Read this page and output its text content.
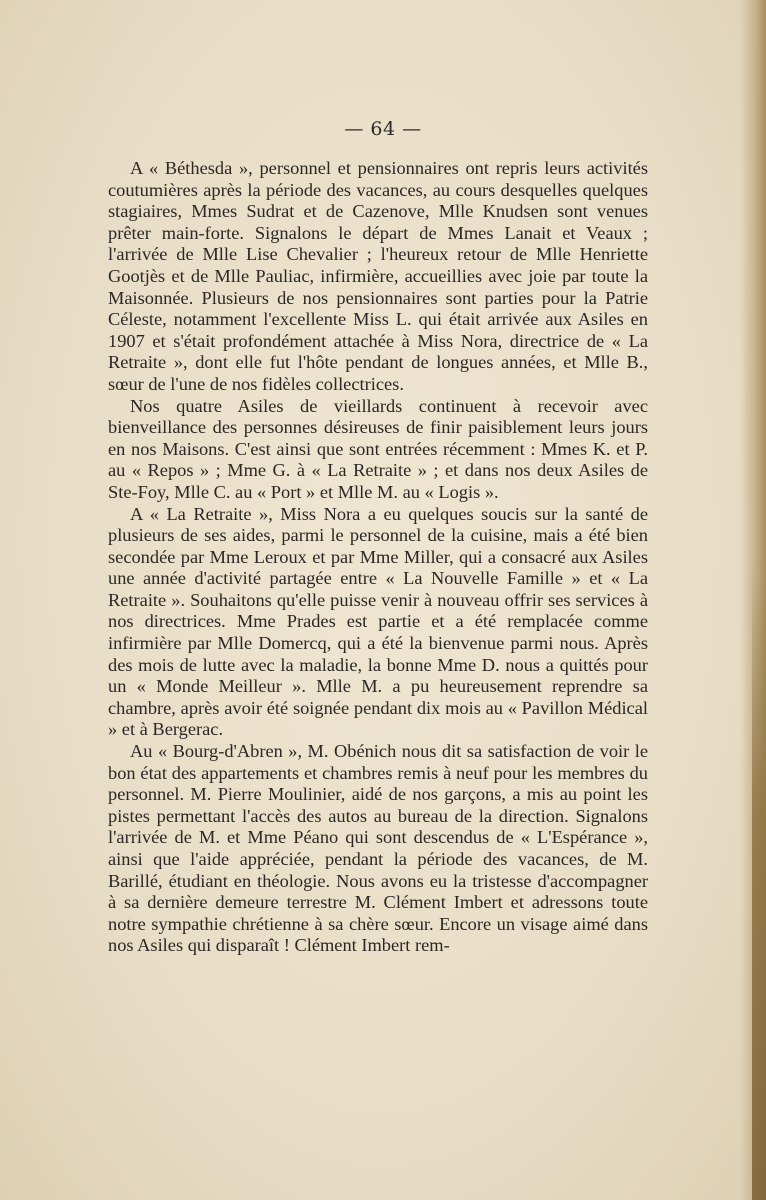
— 64 —

A « Béthesda », personnel et pensionnaires ont repris leurs activités coutumières après la période des vacances, au cours desquelles quelques stagiaires, Mmes Sudrat et de Cazenove, Mlle Knudsen sont venues prêter main-forte. Signalons le départ de Mmes Lanait et Veaux ; l'arrivée de Mlle Lise Chevalier ; l'heureux retour de Mlle Henriette Gootjès et de Mlle Pauliac, infirmière, accueillies avec joie par toute la Maisonnée. Plusieurs de nos pensionnaires sont parties pour la Patrie Céleste, notamment l'excellente Miss L. qui était arrivée aux Asiles en 1907 et s'était profondément attachée à Miss Nora, directrice de « La Retraite », dont elle fut l'hôte pendant de longues années, et Mlle B., sœur de l'une de nos fidèles collectrices.

Nos quatre Asiles de vieillards continuent à recevoir avec bienveillance des personnes désireuses de finir paisiblement leurs jours en nos Maisons. C'est ainsi que sont entrées récemment : Mmes K. et P. au « Repos » ; Mme G. à « La Retraite » ; et dans nos deux Asiles de Ste-Foy, Mlle C. au « Port » et Mlle M. au « Logis ».

A « La Retraite », Miss Nora a eu quelques soucis sur la santé de plusieurs de ses aides, parmi le personnel de la cuisine, mais a été bien secondée par Mme Leroux et par Mme Miller, qui a consacré aux Asiles une année d'activité partagée entre « La Nouvelle Famille » et « La Retraite ». Souhaitons qu'elle puisse venir à nouveau offrir ses services à nos directrices. Mme Prades est partie et a été remplacée comme infirmière par Mlle Domercq, qui a été la bienvenue parmi nous. Après des mois de lutte avec la maladie, la bonne Mme D. nous a quittés pour un « Monde Meilleur ». Mlle M. a pu heureusement reprendre sa chambre, après avoir été soignée pendant dix mois au « Pavillon Médical » et à Bergerac.

Au « Bourg-d'Abren », M. Obénich nous dit sa satisfaction de voir le bon état des appartements et chambres remis à neuf pour les membres du personnel. M. Pierre Moulinier, aidé de nos garçons, a mis au point les pistes permettant l'accès des autos au bureau de la direction. Signalons l'arrivée de M. et Mme Péano qui sont descendus de « L'Espérance », ainsi que l'aide appréciée, pendant la période des vacances, de M. Barillé, étudiant en théologie. Nous avons eu la tristesse d'accompagner à sa dernière demeure terrestre M. Clément Imbert et adressons toute notre sympathie chrétienne à sa chère sœur. Encore un visage aimé dans nos Asiles qui disparaît ! Clément Imbert rem-
